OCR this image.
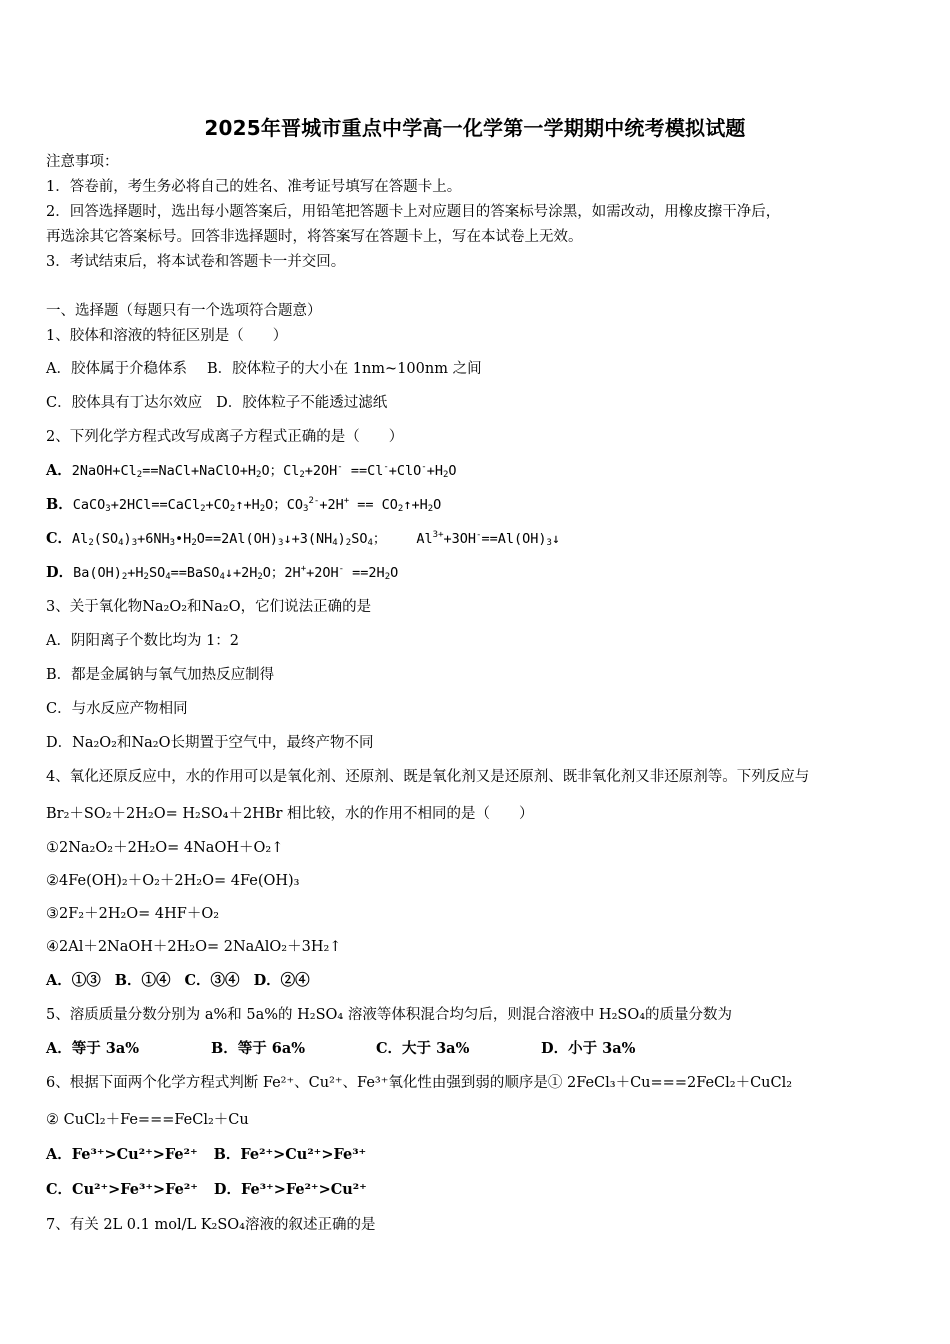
2025年晋城市重点中学高一化学第一学期期中统考模拟试题
注意事项：
1．答卷前，考生务必将自己的姓名、准考证号填写在答题卡上。
2．回答选择题时，选出每小题答案后，用铅笔把答题卡上对应题目的答案标号涂黑，如需改动，用橡皮擦干净后，
再选涂其它答案标号。回答非选择题时，将答案写在答题卡上，写在本试卷上无效。
3．考试结束后，将本试卷和答题卡一并交回。
一、选择题（每题只有一个选项符合题意）
1、胶体和溶液的特征区别是（　　）
A．胶体属于介稳体系 B．胶体粒子的大小在 1nm~100nm 之间
C．胶体具有丁达尔效应 D．胶体粒子不能透过滤纸
2、下列化学方程式改写成离子方程式正确的是（　　）
A．$2NaOH+Cl_2==NaCl+NaClO+H_2O$；$Cl_2+2OH^- ==Cl^-+ClO^-+H_2O$
B．$CaCO_3+2HCl==CaCl_2+CO_2↑+H_2O$；$CO_3^{2-}+2H^+$ == $CO_2↑+H_2O$
C．$Al_2(SO_4)_3+6NH_3•H_2O==2Al(OH)_3↓+3(NH_4)_2SO_4$； $Al^{3+}+3OH^-==Al(OH)_3↓$
D．$Ba(OH)_2+H_2SO_4==BaSO_4↓+2H_2O$；$2H^++2OH^- ==2H_2O$
3、关于氧化物Na₂O₂和Na₂O，它们说法正确的是
A．阴阳离子个数比均为 1：2
B．都是金属钠与氧气加热反应制得
C．与水反应产物相同
D．Na₂O₂和Na₂O长期置于空气中，最终产物不同
4、氧化还原反应中，水的作用可以是氧化剂、还原剂、既是氧化剂又是还原剂、既非氧化剂又非还原剂等。下列反应与
Br₂＋SO₂＋2H₂O= H₂SO₄＋2HBr 相比较，水的作用不相同的是（　　）
①2Na₂O₂＋2H₂O= 4NaOH＋O₂↑
②4Fe(OH)₂＋O₂＋2H₂O= 4Fe(OH)₃
③2F₂＋2H₂O= 4HF＋O₂
④2Al＋2NaOH＋2H₂O= 2NaAlO₂＋3H₂↑
A．①③ B．①④ C．③④ D．②④
5、溶质质量分数分别为 a%和 5a%的 H₂SO₄ 溶液等体积混合均匀后，则混合溶液中 H₂SO₄的质量分数为
A．等于 3a%	B．等于 6a%	C．大于 3a%	D．小于 3a%
6、根据下面两个化学方程式判断 Fe²⁺、Cu²⁺、Fe³⁺氧化性由强到弱的顺序是① 2FeCl₃＋Cu===2FeCl₂＋CuCl₂
② CuCl₂＋Fe===FeCl₂＋Cu
A．Fe³⁺>Cu²⁺>Fe²⁺ B．Fe²⁺>Cu²⁺>Fe³⁺
C．Cu²⁺>Fe³⁺>Fe²⁺ D．Fe³⁺>Fe²⁺>Cu²⁺
7、有关 2L 0.1 mol/L K₂SO₄溶液的叙述正确的是
